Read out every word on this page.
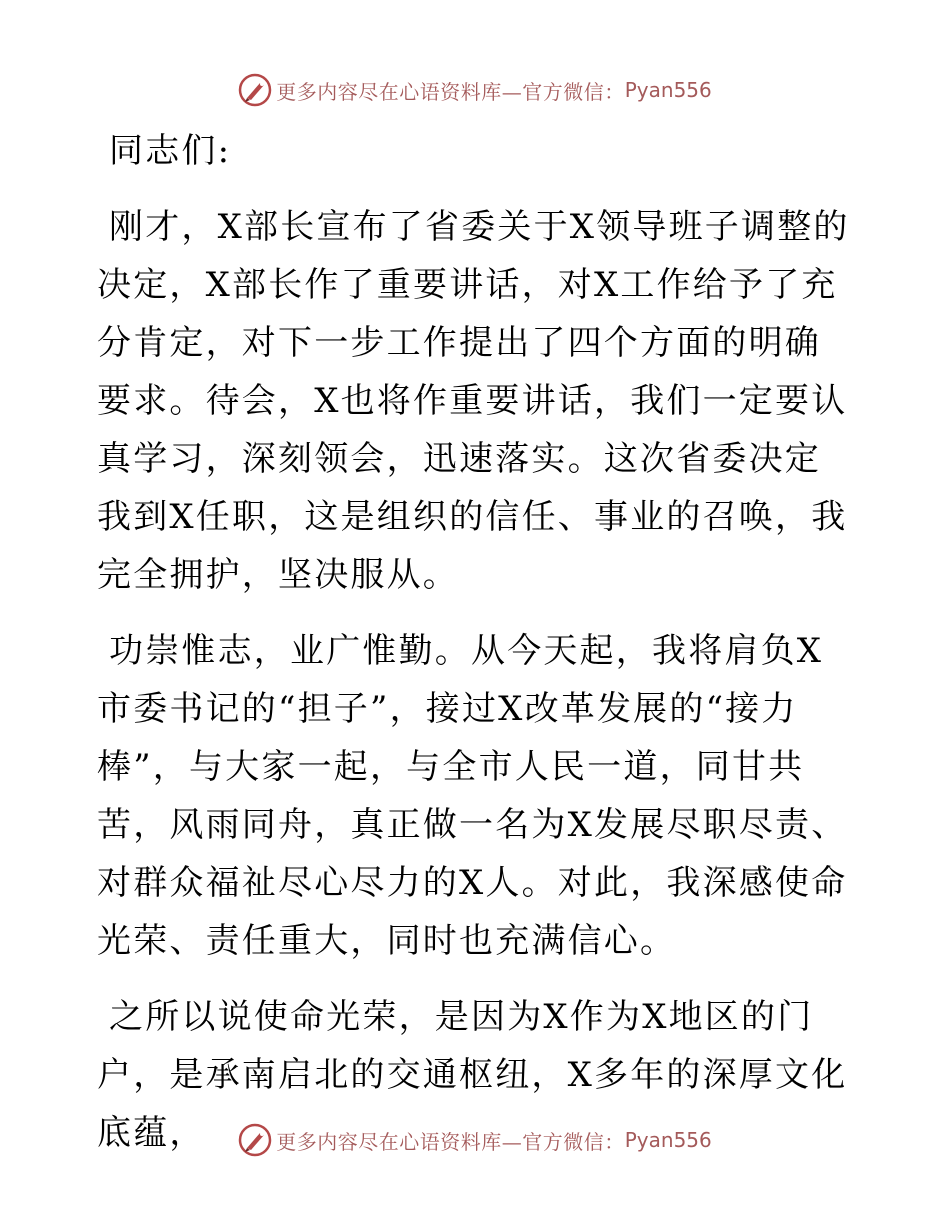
更多内容尽在心语资料库—官方微信： Pyan556

同志们:

刚才，X部长宣布了省委关于X领导班子调整的决定，X部长作了重要讲话，对X工作给予了充分肯定，对下一步工作提出了四个方面的明确要求。待会，X也将作重要讲话，我们一定要认真学习，深刻领会，迅速落实。这次省委决定我到X任职，这是组织的信任、事业的召唤，我完全拥护，坚决服从。

功崇惟志，业广惟勤。从今天起，我将肩负X市委书记的“担子”，接过X改革发展的“接力棒”，与大家一起，与全市人民一道，同甘共苦，风雨同舟，真正做一名为X发展尽职尽责、对群众福祉尽心尽力的X人。对此，我深感使命光荣、责任重大，同时也充满信心。

之所以说使命光荣，是因为X作为X地区的门户，是承南启北的交通枢纽，X多年的深厚文化底蕴，	更多内容尽在心语资料库—官方微信： Pyan556
